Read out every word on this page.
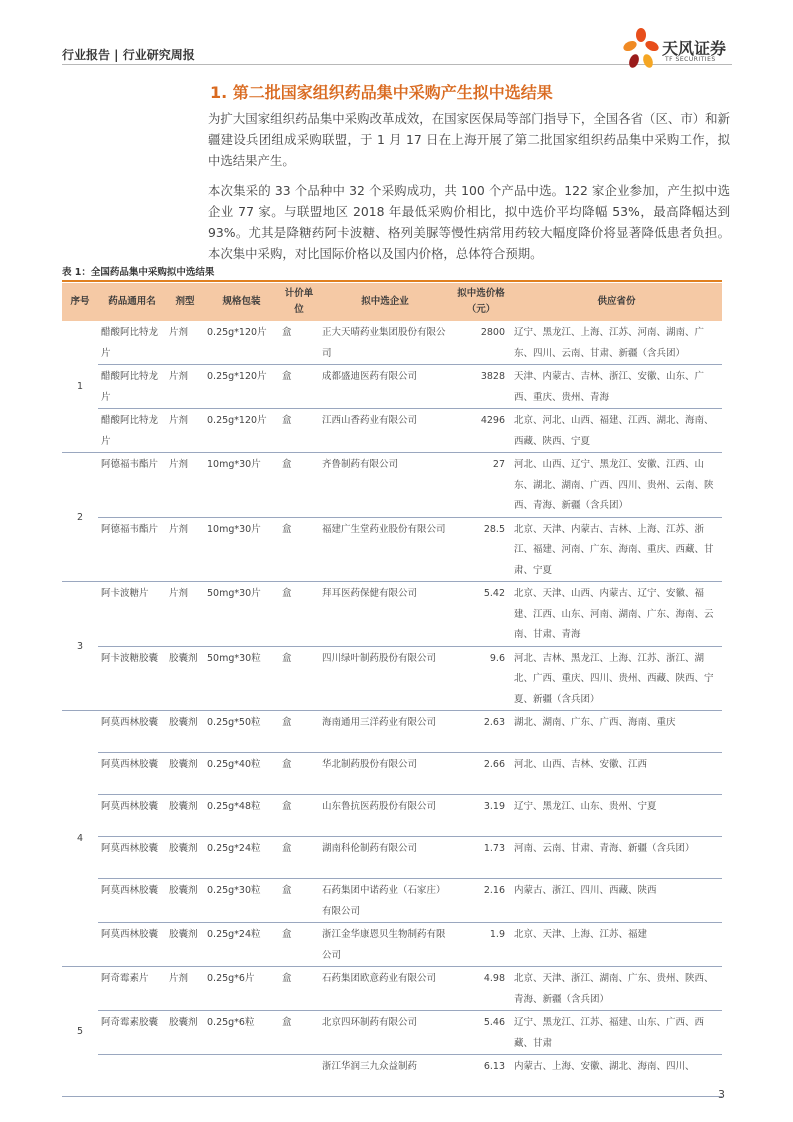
行业报告 | 行业研究周报	天风证券
TF SECURITIES
1. 第二批国家组织药品集中采购产生拟中选结果

为扩大国家组织药品集中采购改革成效，在国家医保局等部门指导下，全国各省（区、市）和新疆建设兵团组成采购联盟，于 1 月 17 日在上海开展了第二批国家组织药品集中采购工作，拟中选结果产生。

本次集采的 33 个品种中 32 个采购成功，共 100 个产品中选。122 家企业参加，产生拟中选企业 77 家。与联盟地区 2018 年最低采购价相比，拟中选价平均降幅 53%，最高降幅达到 93%。尤其是降糖药阿卡波糖、格列美脲等慢性病常用药较大幅度降价将显著降低患者负担。本次集中采购，对比国际价格以及国内价格，总体符合预期。

表 1：全国药品集中采购拟中选结果
序号	药品通用名	剂型	规格包装	计价单位	拟中选企业	拟中选价格（元）	供应省份
1	醋酸阿比特龙片	片剂	0.25g*120片	盒	正大天晴药业集团股份有限公司	2800	辽宁、黑龙江、上海、江苏、河南、湖南、广东、四川、云南、甘肃、新疆（含兵团）
	醋酸阿比特龙片	片剂	0.25g*120片	盒	成都盛迪医药有限公司	3828	天津、内蒙古、吉林、浙江、安徽、山东、广西、重庆、贵州、青海
	醋酸阿比特龙片	片剂	0.25g*120片	盒	江西山香药业有限公司	4296	北京、河北、山西、福建、江西、湖北、海南、西藏、陕西、宁夏
2	阿德福韦酯片	片剂	10mg*30片	盒	齐鲁制药有限公司	27	河北、山西、辽宁、黑龙江、安徽、江西、山东、湖北、湖南、广西、四川、贵州、云南、陕西、青海、新疆（含兵团）
	阿德福韦酯片	片剂	10mg*30片	盒	福建广生堂药业股份有限公司	28.5	北京、天津、内蒙古、吉林、上海、江苏、浙江、福建、河南、广东、海南、重庆、西藏、甘肃、宁夏
3	阿卡波糖片	片剂	50mg*30片	盒	拜耳医药保健有限公司	5.42	北京、天津、山西、内蒙古、辽宁、安徽、福建、江西、山东、河南、湖南、广东、海南、云南、甘肃、青海
	阿卡波糖胶囊	胶囊剂	50mg*30粒	盒	四川绿叶制药股份有限公司	9.6	河北、吉林、黑龙江、上海、江苏、浙江、湖北、广西、重庆、四川、贵州、西藏、陕西、宁夏、新疆（含兵团）
4	阿莫西林胶囊	胶囊剂	0.25g*50粒	盒	海南通用三洋药业有限公司	2.63	湖北、湖南、广东、广西、海南、重庆
	阿莫西林胶囊	胶囊剂	0.25g*40粒	盒	华北制药股份有限公司	2.66	河北、山西、吉林、安徽、江西
	阿莫西林胶囊	胶囊剂	0.25g*48粒	盒	山东鲁抗医药股份有限公司	3.19	辽宁、黑龙江、山东、贵州、宁夏
	阿莫西林胶囊	胶囊剂	0.25g*24粒	盒	湖南科伦制药有限公司	1.73	河南、云南、甘肃、青海、新疆（含兵团）
	阿莫西林胶囊	胶囊剂	0.25g*30粒	盒	石药集团中诺药业（石家庄）有限公司	2.16	内蒙古、浙江、四川、西藏、陕西
	阿莫西林胶囊	胶囊剂	0.25g*24粒	盒	浙江金华康恩贝生物制药有限公司	1.9	北京、天津、上海、江苏、福建
5	阿奇霉素片	片剂	0.25g*6片	盒	石药集团欧意药业有限公司	4.98	北京、天津、浙江、湖南、广东、贵州、陕西、青海、新疆（含兵团）
	阿奇霉素胶囊	胶囊剂	0.25g*6粒	盒	北京四环制药有限公司	5.46	辽宁、黑龙江、江苏、福建、山东、广西、西藏、甘肃
					浙江华润三九众益制药	6.13	内蒙古、上海、安徽、湖北、海南、四川、
3
